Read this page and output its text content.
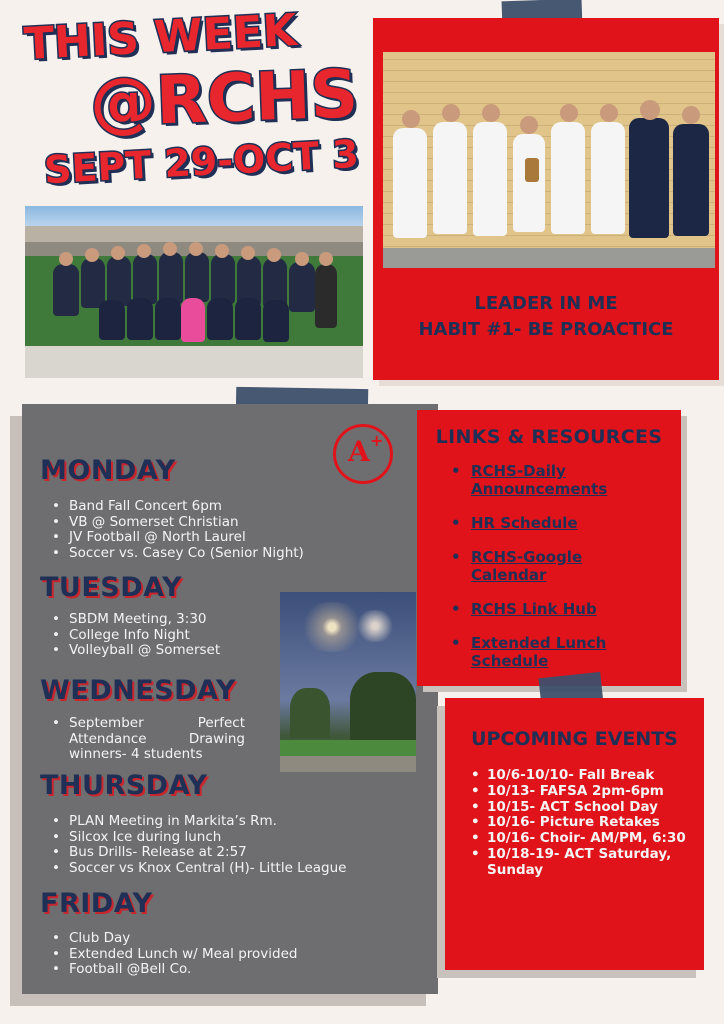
THIS WEEK
@RCHS
SEPT 29-OCT 3
LEADER IN ME
HABIT #1- BE PROACTICE
A +
MONDAY
• Band Fall Concert 6pm
• VB @ Somerset Christian
• JV Football @ North Laurel
• Soccer vs. Casey Co (Senior Night)
TUESDAY
• SBDM Meeting, 3:30
• College Info Night
• Volleyball @ Somerset
WEDNESDAY
• September Perfect Attendance Drawing winners- 4 students
THURSDAY
• PLAN Meeting in Markita’s Rm.
• Silcox Ice during lunch
• Bus Drills- Release at 2:57
• Soccer vs Knox Central (H)- Little League
FRIDAY
• Club Day
• Extended Lunch w/ Meal provided
• Football @Bell Co.
LINKS & RESOURCES
• RCHS-Daily Announcements
• HR Schedule
• RCHS-Google Calendar
• RCHS Link Hub
• Extended Lunch Schedule
UPCOMING EVENTS
• 10/6-10/10- Fall Break
• 10/13- FAFSA 2pm-6pm
• 10/15- ACT School Day
• 10/16- Picture Retakes
• 10/16- Choir- AM/PM, 6:30
• 10/18-19- ACT Saturday, Sunday
